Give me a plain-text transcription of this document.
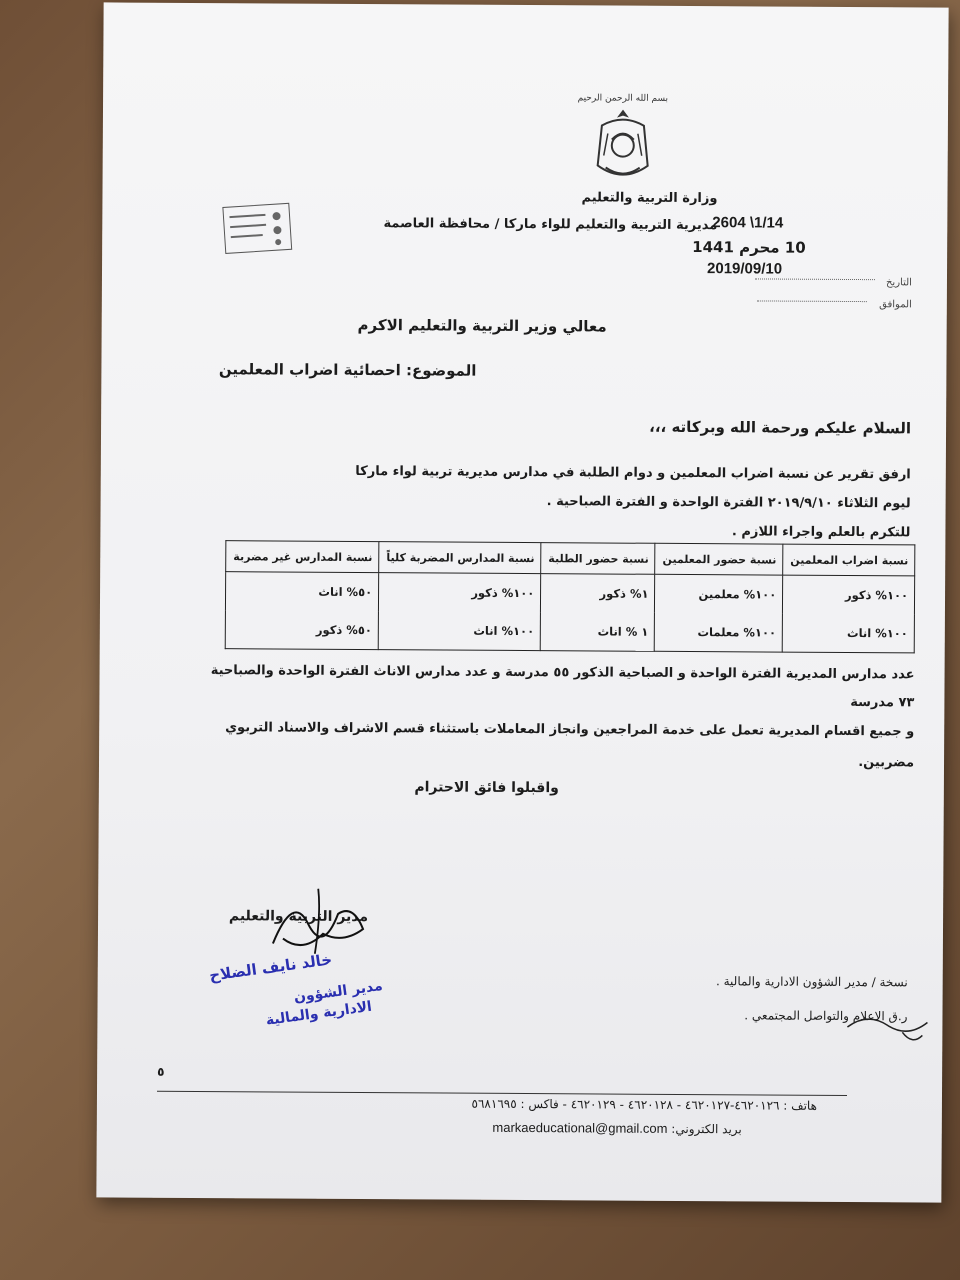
بسم الله الرحمن الرحيم
وزارة التربية والتعليم
مديرية التربية والتعليم للواء ماركا / محافظة العاصمة
2604 \1/14
10 محرم 1441
2019/09/10
التاريخ
الموافق
معالي وزير التربية والتعليم الاكرم
الموضوع: احصائية اضراب المعلمين
السلام عليكم ورحمة الله وبركاته ،،،
ارفق تقرير عن نسبة اضراب المعلمين و دوام الطلبة في مدارس مديرية تربية لواء ماركا
ليوم الثلاثاء ٢٠١٩/٩/١٠ الفترة الواحدة و الفترة الصباحية .
للتكرم بالعلم واجراء اللازم .
نسبة اضراب المعلمين	نسبة حضور المعلمين	نسبة حضور الطلبة	نسبة المدارس المضربة كلياً	نسبة المدارس غير مضربة
١٠٠% ذكور	١٠٠% معلمين	١% ذكور	١٠٠% ذكور	٥٠% اناث
١٠٠% اناث	١٠٠% معلمات	١ % اناث	١٠٠% اناث	٥٠% ذكور
عدد مدارس المديرية الفترة الواحدة و الصباحية الذكور ٥٥ مدرسة و عدد مدارس الاناث الفترة الواحدة والصباحية
٧٣ مدرسة
و جميع اقسام المديرية تعمل على خدمة المراجعين وانجاز المعاملات باستثناء قسم الاشراف والاسناد التربوي
مضربين.
واقبلوا فائق الاحترام
مدير التربية والتعليم
خالد نايف الضلاح
مدير الشؤون
الادارية والمالية
نسخة / مدير الشؤون الادارية والمالية .
ر.ق الاعلام والتواصل المجتمعي .
٥
هاتف : ٤٦٢٠١٢٦-٤٦٢٠١٢٧ - ٤٦٢٠١٢٨ - ٤٦٢٠١٢٩ - فاكس : ٥٦٨١٦٩٥
بريد الكتروني: markaeducational@gmail.com
